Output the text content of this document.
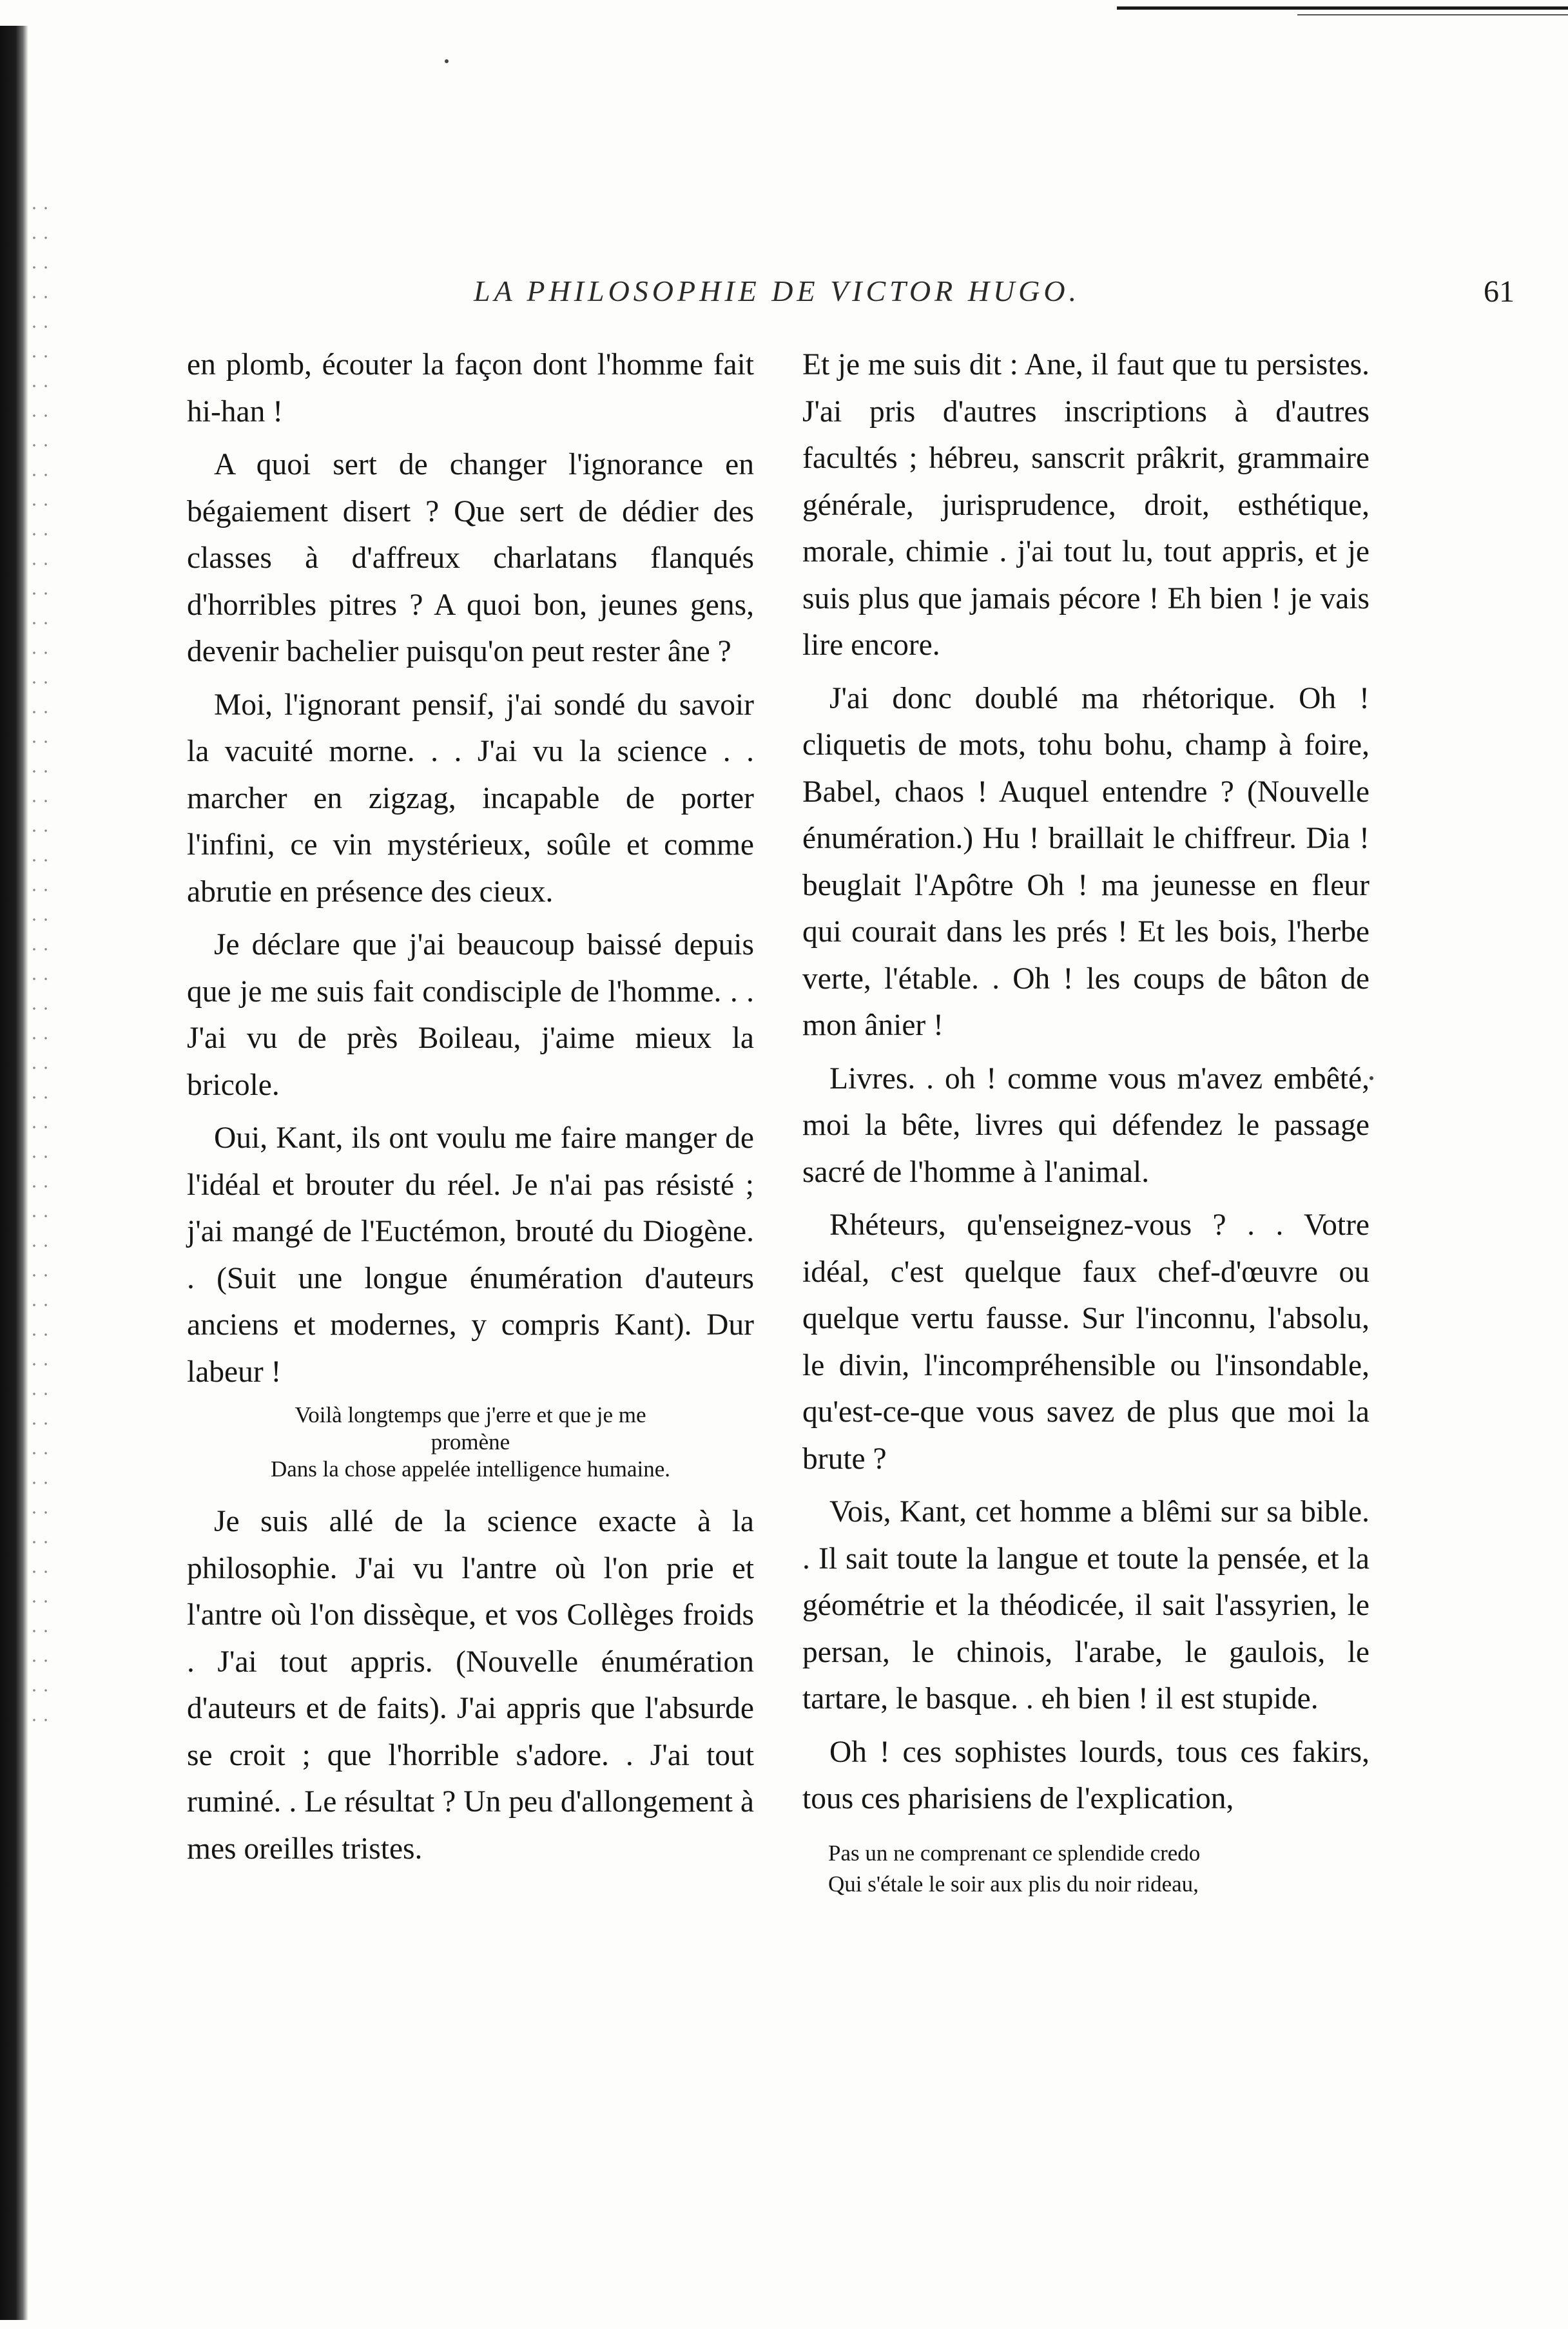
LA PHILOSOPHIE DE VICTOR HUGO.	61

en plomb, écouter la façon dont l'homme fait hi-han !

A quoi sert de changer l'ignorance en bégaiement disert ? Que sert de dédier des classes à d'affreux charlatans flanqués d'horribles pitres ? A quoi bon, jeunes gens, devenir bachelier puisqu'on peut rester âne ?

Moi, l'ignorant pensif, j'ai sondé du savoir la vacuité morne. . . J'ai vu la science . . marcher en zigzag, incapable de porter l'infini, ce vin mystérieux, soûle et comme abrutie en présence des cieux.

Je déclare que j'ai beaucoup baissé depuis que je me suis fait condisciple de l'homme. . . J'ai vu de près Boileau, j'aime mieux la bricole.

Oui, Kant, ils ont voulu me faire manger de l'idéal et brouter du réel. Je n'ai pas résisté ; j'ai mangé de l'Euctémon, brouté du Diogène. . (Suit une longue énumération d'auteurs anciens et modernes, y compris Kant). Dur labeur !

Voilà longtemps que j'erre et que je me
promène
Dans la chose appelée intelligence humaine.

Je suis allé de la science exacte à la philosophie. J'ai vu l'antre où l'on prie et l'antre où l'on dissèque, et vos Collèges froids . J'ai tout appris. (Nouvelle énumération d'auteurs et de faits). J'ai appris que l'absurde se croit ; que l'horrible s'adore. . J'ai tout ruminé. . Le résultat ? Un peu d'allongement à mes oreilles tristes.

Et je me suis dit : Ane, il faut que tu persistes. J'ai pris d'autres inscriptions à d'autres facultés ; hébreu, sanscrit prâkrit, grammaire générale, jurisprudence, droit, esthétique, morale, chimie . j'ai tout lu, tout appris, et je suis plus que jamais pécore ! Eh bien ! je vais lire encore.

J'ai donc doublé ma rhétorique. Oh ! cliquetis de mots, tohu bohu, champ à foire, Babel, chaos ! Auquel entendre ? (Nouvelle énumération.) Hu ! braillait le chiffreur. Dia ! beuglait l'Apôtre Oh ! ma jeunesse en fleur qui courait dans les prés ! Et les bois, l'herbe verte, l'étable. . Oh ! les coups de bâton de mon ânier !

Livres. . oh ! comme vous m'avez embêté, moi la bête, livres qui défendez le passage sacré de l'homme à l'animal.

Rhéteurs, qu'enseignez-vous ? . . Votre idéal, c'est quelque faux chef-d'œuvre ou quelque vertu fausse. Sur l'inconnu, l'absolu, le divin, l'incompréhensible ou l'insondable, qu'est-ce-que vous savez de plus que moi la brute ?

Vois, Kant, cet homme a blêmi sur sa bible. . Il sait toute la langue et toute la pensée, et la géométrie et la théodicée, il sait l'assyrien, le persan, le chinois, l'arabe, le gaulois, le tartare, le basque. . eh bien ! il est stupide.

Oh ! ces sophistes lourds, tous ces fakirs, tous ces pharisiens de l'explication,

Pas un ne comprenant ce splendide credo
Qui s'étale le soir aux plis du noir rideau,
